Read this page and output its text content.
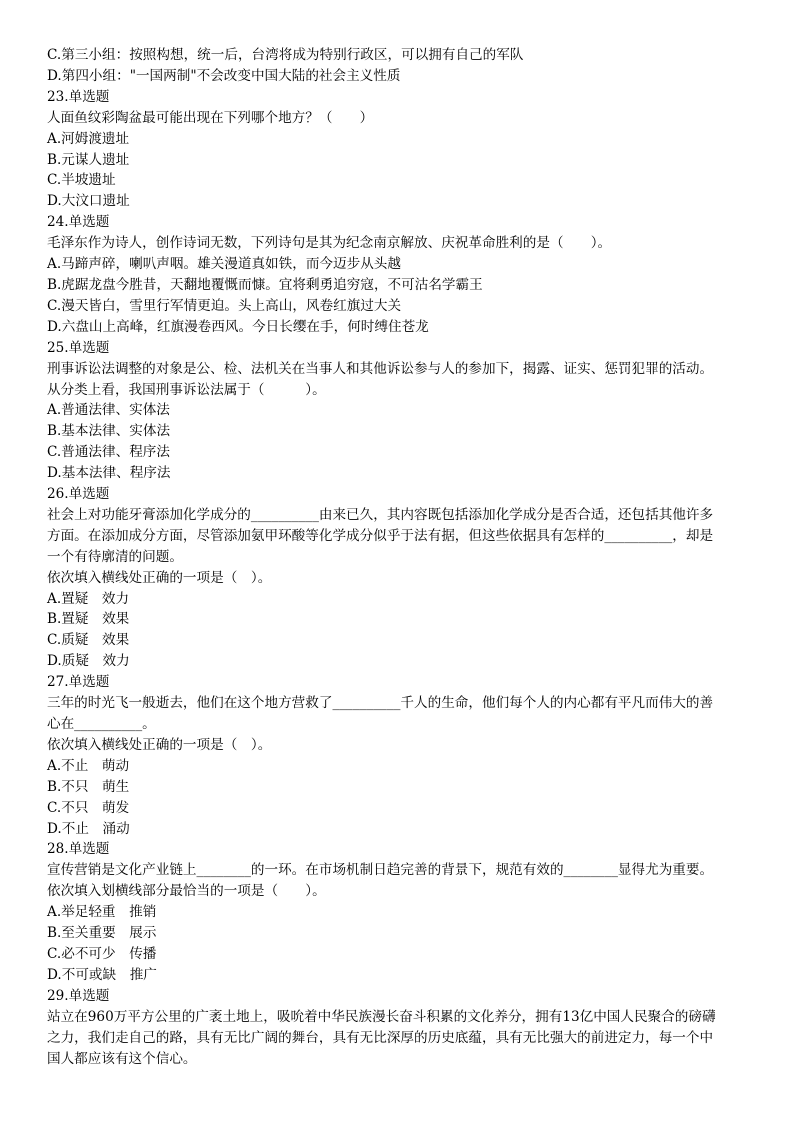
C.第三小组：按照构想，统一后，台湾将成为特别行政区，可以拥有自己的军队

D.第四小组："一国两制"不会改变中国大陆的社会主义性质

23.单选题

人面鱼纹彩陶盆最可能出现在下列哪个地方？（　　）

A.河姆渡遗址

B.元谋人遗址

C.半坡遗址

D.大汶口遗址

24.单选题

毛泽东作为诗人，创作诗词无数，下列诗句是其为纪念南京解放、庆祝革命胜利的是（　　）。

A.马蹄声碎，喇叭声咽。雄关漫道真如铁，而今迈步从头越

B.虎踞龙盘今胜昔，天翻地覆慨而慷。宜将剩勇追穷寇，不可沽名学霸王

C.漫天皆白，雪里行军情更迫。头上高山，风卷红旗过大关

D.六盘山上高峰，红旗漫卷西风。今日长缨在手，何时缚住苍龙

25.单选题

刑事诉讼法调整的对象是公、检、法机关在当事人和其他诉讼参与人的参加下，揭露、证实、惩罚犯罪的活动。

从分类上看，我国刑事诉讼法属于（　　　）。

A.普通法律、实体法

B.基本法律、实体法

C.普通法律、程序法

D.基本法律、程序法

26.单选题

社会上对功能牙膏添加化学成分的__________由来已久，其内容既包括添加化学成分是否合适，还包括其他许多

方面。在添加成分方面，尽管添加氨甲环酸等化学成分似乎于法有据，但这些依据具有怎样的__________，却是

一个有待廓清的问题。

依次填入横线处正确的一项是（　）。

A.置疑　效力

B.置疑　效果

C.质疑　效果

D.质疑　效力

27.单选题

三年的时光飞一般逝去，他们在这个地方营救了__________千人的生命，他们每个人的内心都有平凡而伟大的善

心在__________。

依次填入横线处正确的一项是（　）。

A.不止　萌动

B.不只　萌生

C.不只　萌发

D.不止　涌动

28.单选题

宣传营销是文化产业链上________的一环。在市场机制日趋完善的背景下，规范有效的________显得尤为重要。

依次填入划横线部分最恰当的一项是（　　）。

A.举足轻重　推销

B.至关重要　展示

C.必不可少　传播

D.不可或缺　推广

29.单选题

站立在960万平方公里的广袤土地上，吸吮着中华民族漫长奋斗积累的文化养分，拥有13亿中国人民聚合的磅礴

之力，我们走自己的路，具有无比广阔的舞台，具有无比深厚的历史底蕴，具有无比强大的前进定力，每一个中

国人都应该有这个信心。
